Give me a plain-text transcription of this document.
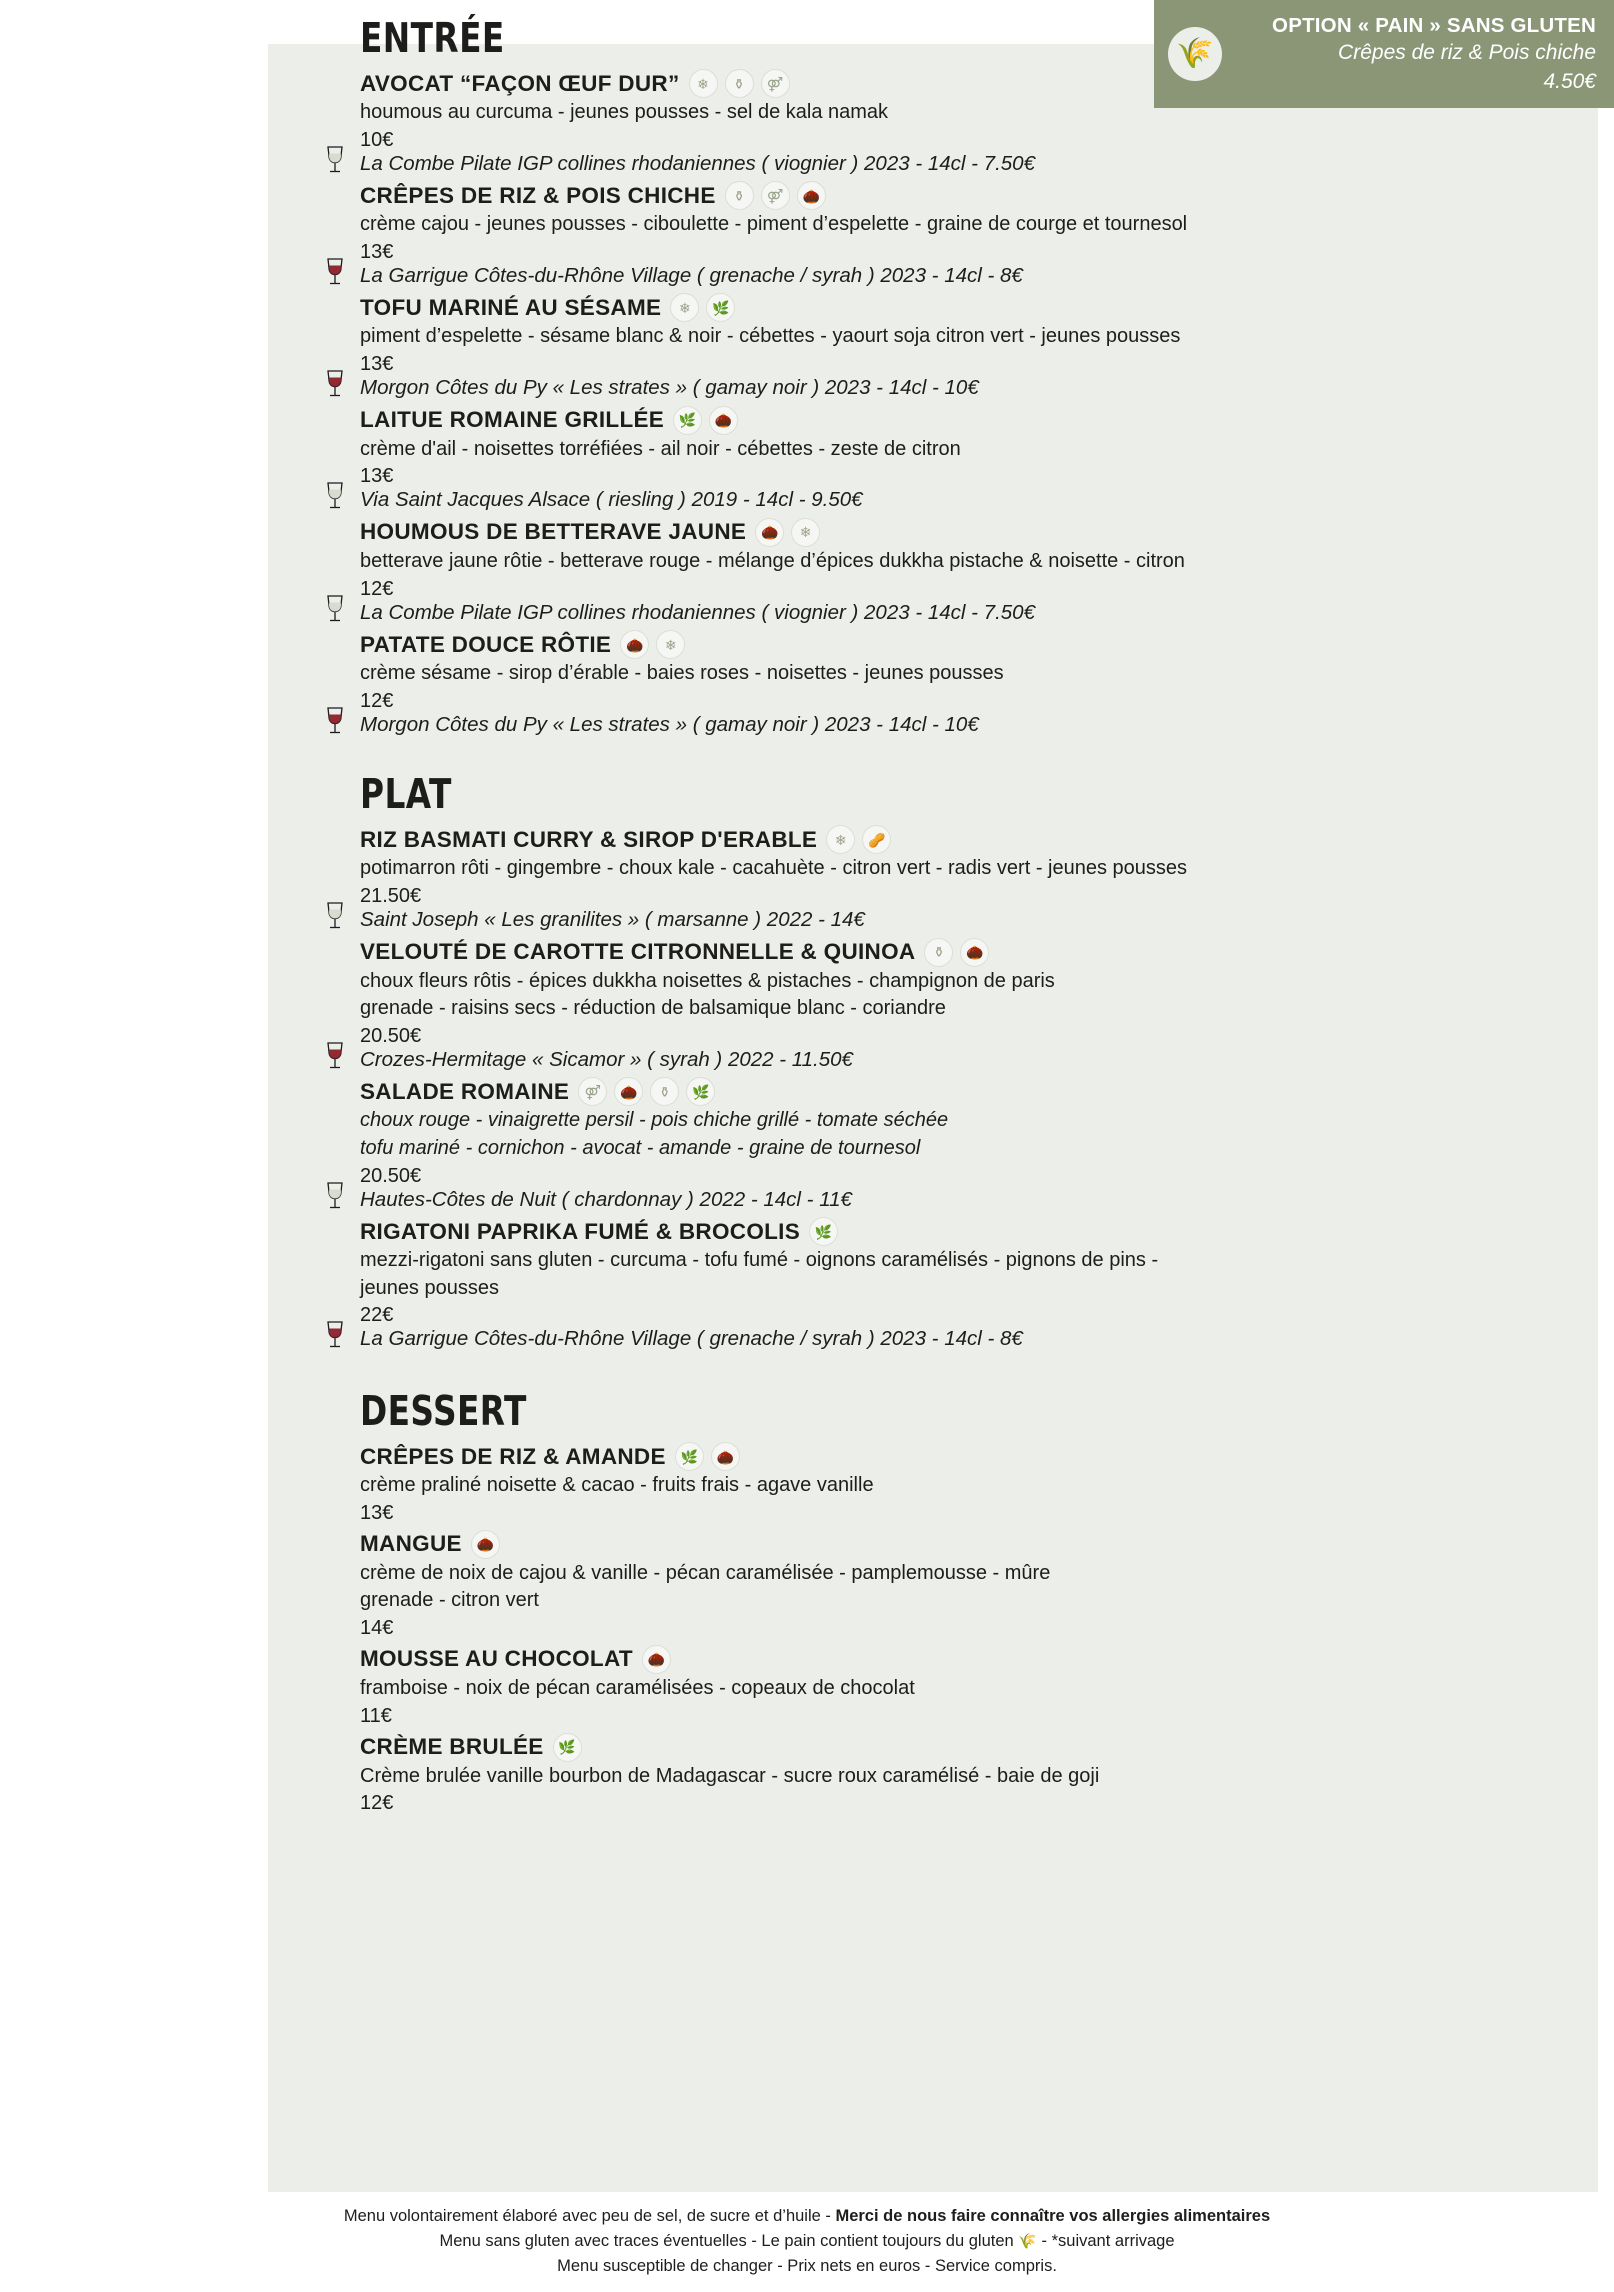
🌾
OPTION « PAIN » SANS GLUTEN
Crêpes de riz & Pois chiche
4.50€
ENTRÉE
AVOCAT “FAÇON ŒUF DUR”	❄	⚱	⚤
houmous au curcuma - jeunes pousses - sel de kala namak
10€
La Combe Pilate IGP collines rhodaniennes ( viognier ) 2023 - 14cl - 7.50€
CRÊPES DE RIZ & POIS CHICHE	⚱	⚤	🌰
crème cajou - jeunes pousses - ciboulette - piment d’espelette - graine de courge et tournesol
13€
La Garrigue Côtes-du-Rhône Village ( grenache / syrah ) 2023 - 14cl - 8€
TOFU MARINÉ AU SÉSAME	❄	🌿
piment d’espelette - sésame blanc & noir - cébettes - yaourt soja citron vert - jeunes pousses
13€
Morgon Côtes du Py « Les strates » ( gamay noir ) 2023 - 14cl - 10€
LAITUE ROMAINE GRILLÉE	🌿	🌰
crème d'ail - noisettes torréfiées - ail noir - cébettes - zeste de citron
13€
Via Saint Jacques Alsace ( riesling ) 2019 - 14cl - 9.50€
HOUMOUS DE BETTERAVE JAUNE	🌰	❄
betterave jaune rôtie - betterave rouge - mélange d’épices dukkha pistache & noisette - citron
12€
La Combe Pilate IGP collines rhodaniennes ( viognier ) 2023 - 14cl - 7.50€
PATATE DOUCE RÔTIE	🌰	❄
crème sésame - sirop d’érable - baies roses - noisettes - jeunes pousses
12€
Morgon Côtes du Py « Les strates » ( gamay noir ) 2023 - 14cl - 10€
PLAT
RIZ BASMATI CURRY & SIROP D'ERABLE	❄	🥜
potimarron rôti - gingembre - choux kale - cacahuète - citron vert - radis vert - jeunes pousses
21.50€
Saint Joseph « Les granilites » ( marsanne ) 2022 - 14€
VELOUTÉ DE CAROTTE CITRONNELLE & QUINOA	⚱	🌰
choux fleurs rôtis - épices dukkha noisettes & pistaches - champignon de paris
grenade - raisins secs - réduction de balsamique blanc - coriandre
20.50€
Crozes-Hermitage « Sicamor » ( syrah ) 2022 - 11.50€
SALADE ROMAINE	⚤	🌰	⚱	🌿
choux rouge - vinaigrette persil - pois chiche grillé - tomate séchée
tofu mariné - cornichon - avocat - amande - graine de tournesol
20.50€
Hautes-Côtes de Nuit ( chardonnay ) 2022 - 14cl - 11€
RIGATONI PAPRIKA FUMÉ & BROCOLIS	🌿
mezzi-rigatoni sans gluten - curcuma - tofu fumé - oignons caramélisés - pignons de pins -
jeunes pousses
22€
La Garrigue Côtes-du-Rhône Village ( grenache / syrah ) 2023 - 14cl - 8€
DESSERT
CRÊPES DE RIZ & AMANDE	🌿	🌰
crème praliné noisette & cacao - fruits frais - agave vanille
13€
MANGUE	🌰
crème de noix de cajou & vanille - pécan caramélisée - pamplemousse - mûre
grenade - citron vert
14€
MOUSSE AU CHOCOLAT	🌰
framboise - noix de pécan caramélisées - copeaux de chocolat
11€
CRÈME BRULÉE	🌿
Crème brulée vanille bourbon de Madagascar - sucre roux caramélisé - baie de goji
12€
Menu volontairement élaboré avec peu de sel, de sucre et d’huile - Merci de nous faire connaître vos allergies alimentaires
Menu sans gluten avec traces éventuelles - Le pain contient toujours du gluten 🌾 - *suivant arrivage
Menu susceptible de changer - Prix nets en euros - Service compris.
